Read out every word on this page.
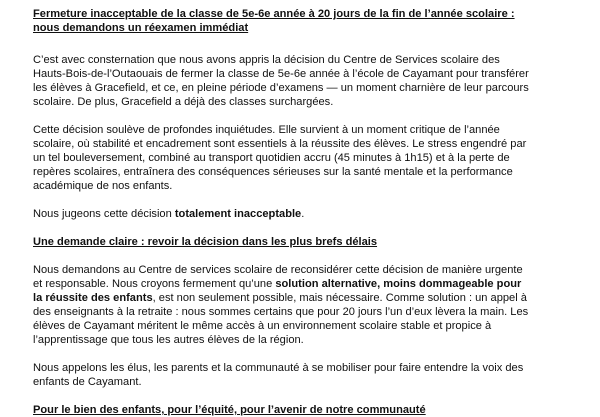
Fermeture inacceptable de la classe de 5e-6e année à 20 jours de la fin de l’année scolaire :
nous demandons un réexamen immédiat

C’est avec consternation que nous avons appris la décision du Centre de Services scolaire des
Hauts-Bois-de-l’Outaouais de fermer la classe de 5e-6e année à l’école de Cayamant pour transférer
les élèves à Gracefield, et ce, en pleine période d’examens — un moment charnière de leur parcours
scolaire. De plus, Gracefield a déjà des classes surchargées.

Cette décision soulève de profondes inquiétudes. Elle survient à un moment critique de l’année
scolaire, où stabilité et encadrement sont essentiels à la réussite des élèves. Le stress engendré par
un tel bouleversement, combiné au transport quotidien accru (45 minutes à 1h15) et à la perte de
repères scolaires, entraînera des conséquences sérieuses sur la santé mentale et la performance
académique de nos enfants.

Nous jugeons cette décision totalement inacceptable.

Une demande claire : revoir la décision dans les plus brefs délais

Nous demandons au Centre de services scolaire de reconsidérer cette décision de manière urgente
et responsable. Nous croyons fermement qu’une solution alternative, moins dommageable pour
la réussite des enfants, est non seulement possible, mais nécessaire. Comme solution : un appel à
des enseignants à la retraite : nous sommes certains que pour 20 jours l’un d’eux lèvera la main. Les
élèves de Cayamant méritent le même accès à un environnement scolaire stable et propice à
l’apprentissage que tous les autres élèves de la région.

Nous appelons les élus, les parents et la communauté à se mobiliser pour faire entendre la voix des
enfants de Cayamant.

Pour le bien des enfants, pour l’équité, pour l’avenir de notre communauté
